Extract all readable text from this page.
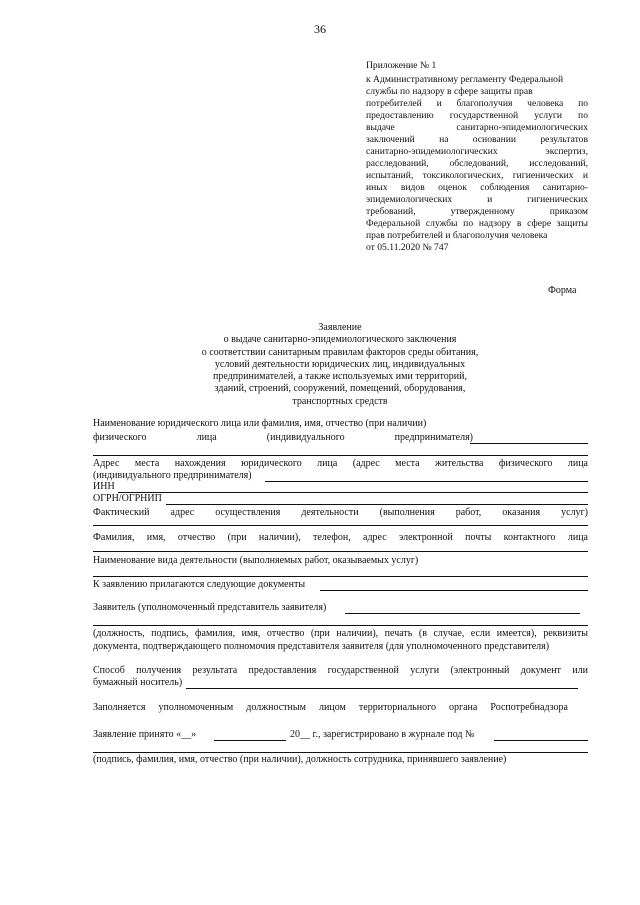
36
Приложение № 1
к Административному регламенту Федеральной
службы по надзору в сфере защиты прав
потребителей и благополучия человека по
предоставлению государственной услуги по
выдаче санитарно-эпидемиологических
заключений на основании результатов
санитарно-эпидемиологических экспертиз,
расследований, обследований, исследований,
испытаний, токсикологических, гигиенических и
иных видов оценок соблюдения санитарно-
эпидемиологических и гигиенических
требований, утвержденному приказом
Федеральной службы по надзору в сфере защиты
прав потребителей и благополучия человека
от 05.11.2020 № 747
Форма
Заявление
о выдаче санитарно-эпидемиологического заключения
о соответствии санитарным правилам факторов среды обитания,
условий деятельности юридических лиц, индивидуальных
предпринимателей, а также используемых ими территорий,
зданий, строений, сооружений, помещений, оборудования,
транспортных средств
Наименование юридического лица или фамилия, имя, отчество (при наличии)
физического лица (индивидуального предпринимателя)
Адрес места нахождения юридического лица (адрес места жительства физического лица
(индивидуального предпринимателя)
ИНН
ОГРН/ОГРНИП
Фактический адрес осуществления деятельности (выполнения работ, оказания услуг)
Фамилия, имя, отчество (при наличии), телефон, адрес электронной почты контактного лица
Наименование вида деятельности (выполняемых работ, оказываемых услуг)
К заявлению прилагаются следующие документы
Заявитель (уполномоченный представитель заявителя)
(должность, подпись, фамилия, имя, отчество (при наличии), печать (в случае, если имеется), реквизиты
документа, подтверждающего полномочия представителя заявителя (для уполномоченного представителя)
Способ получения результата предоставления государственной услуги (электронный документ или
бумажный носитель)
Заполняется уполномоченным должностным лицом территориального органа Роспотребнадзора
Заявление принято «__»	20__ г., зарегистрировано в журнале под №
(подпись, фамилия, имя, отчество (при наличии), должность сотрудника, принявшего заявление)
